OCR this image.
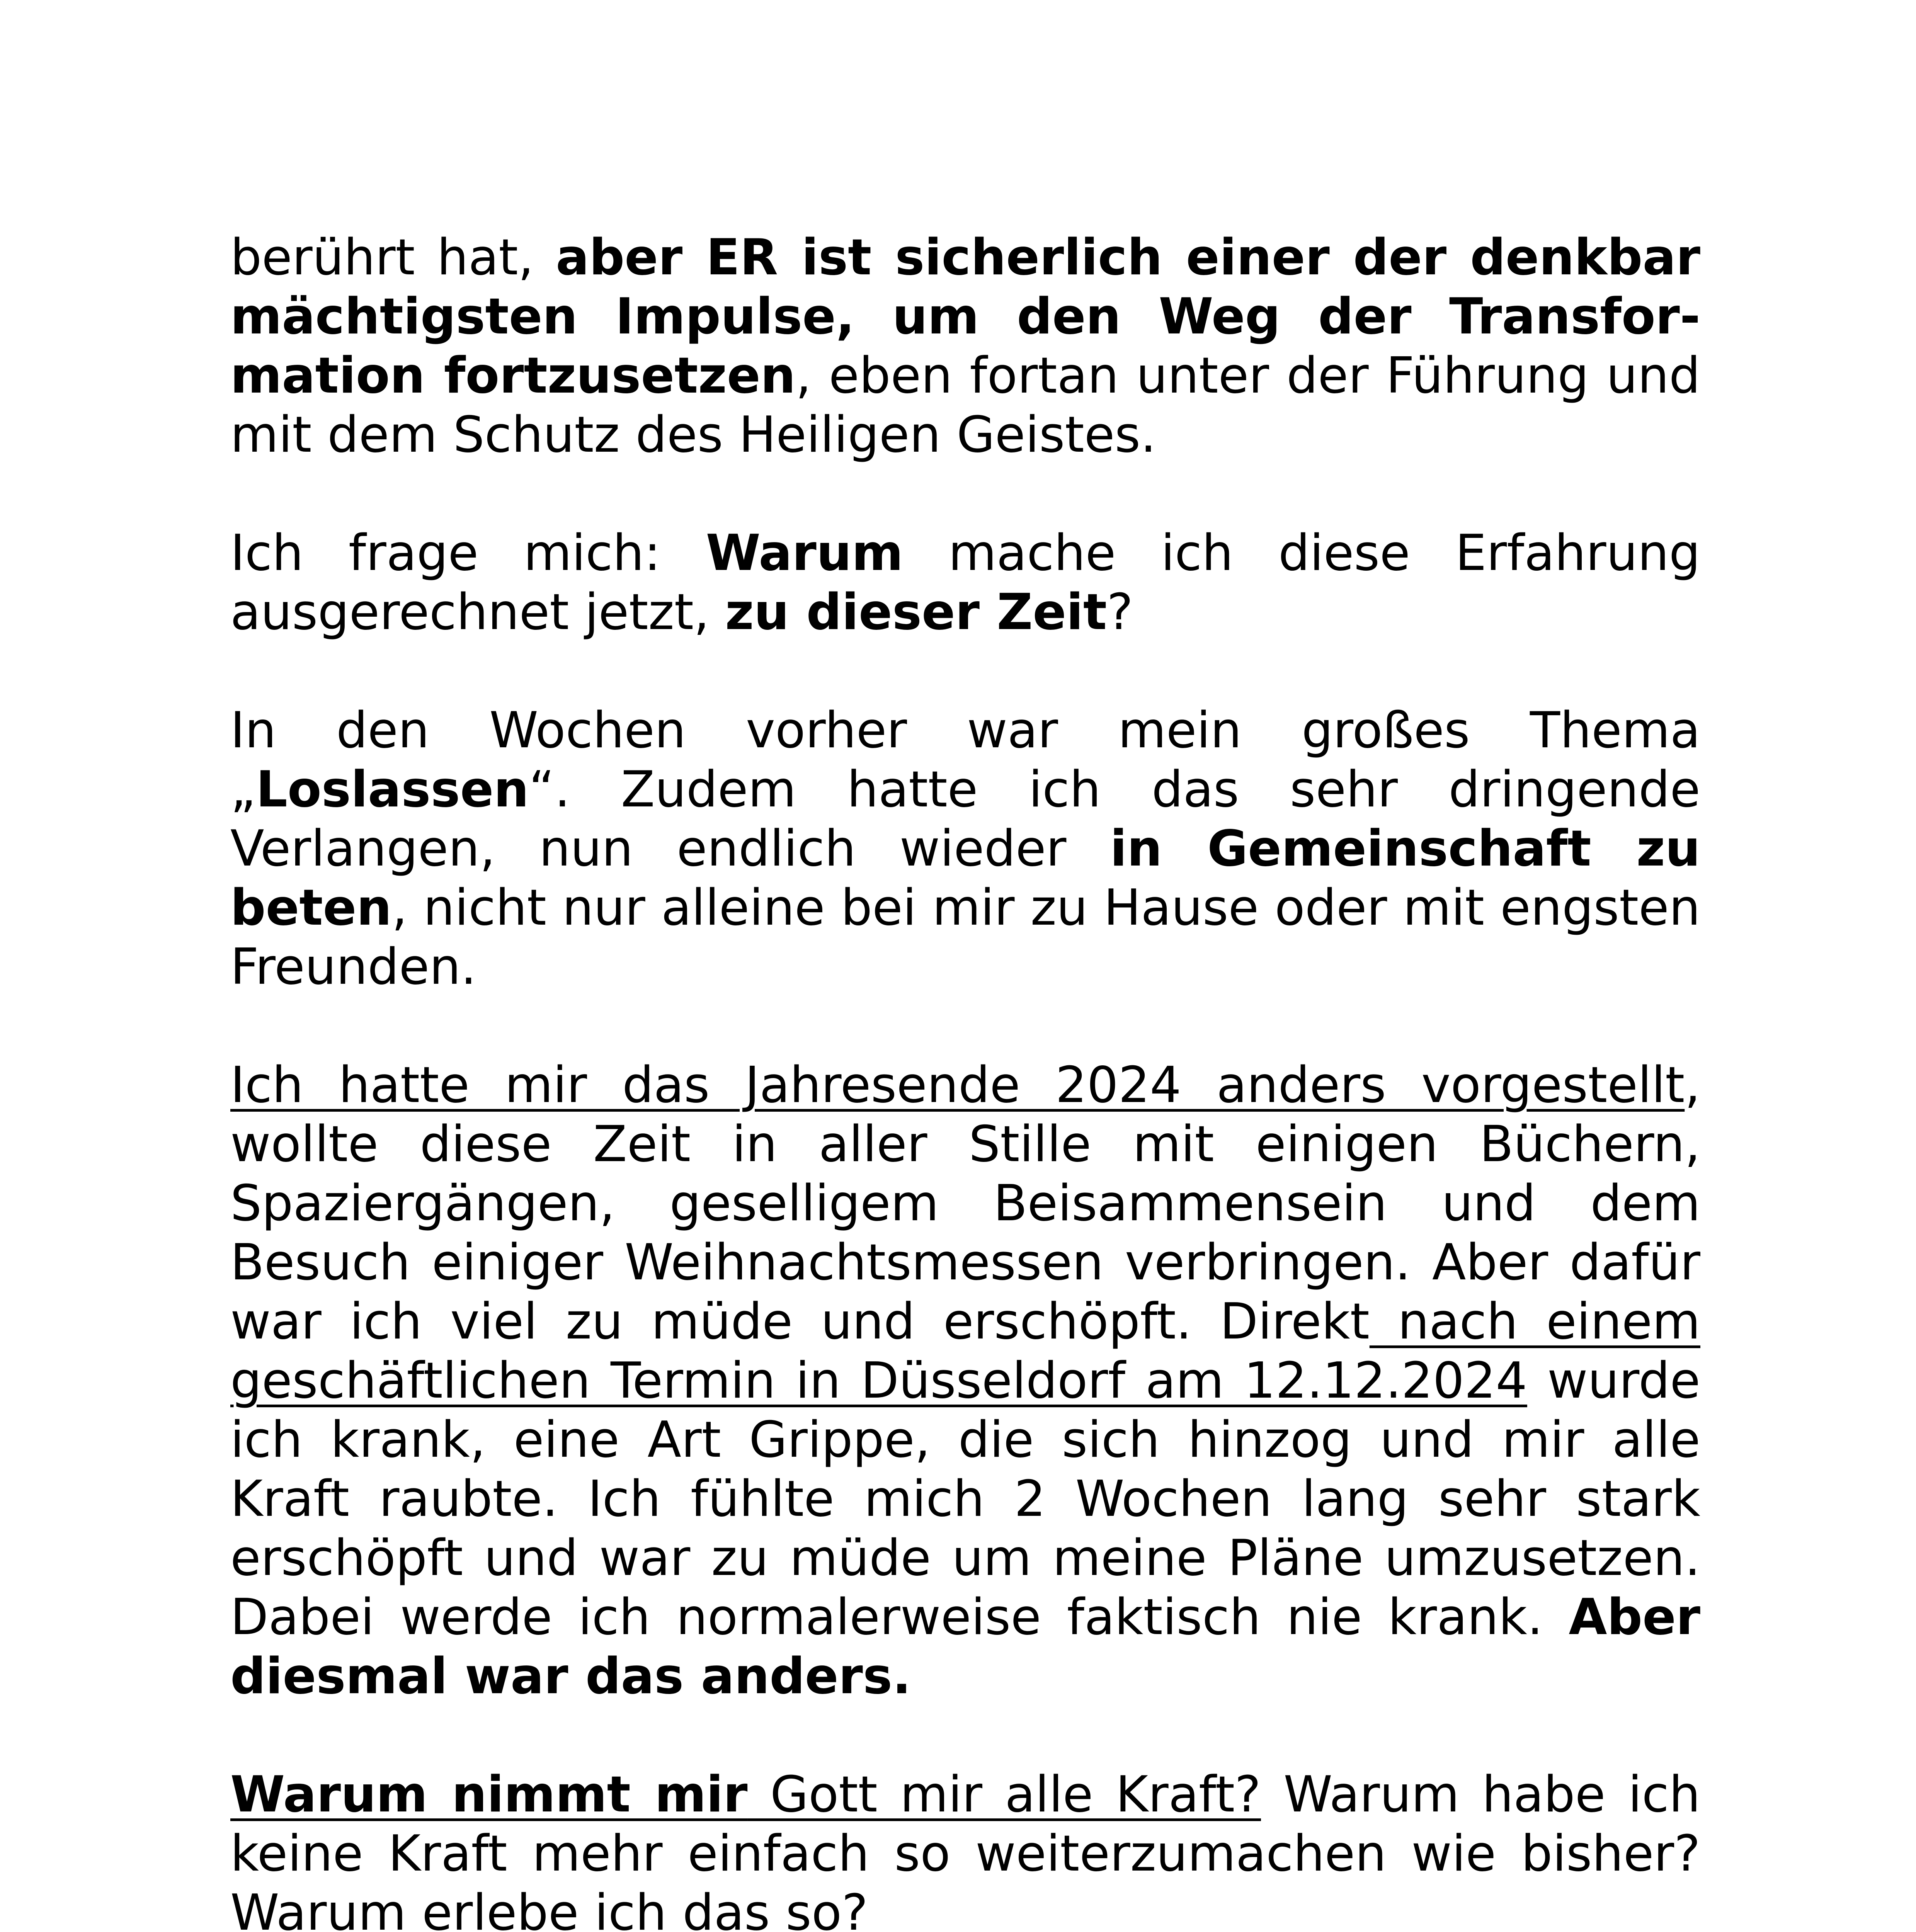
berührt hat, aber ER ist sicherlich einer der denkbar mächtigsten Impulse, um den Weg der Transformation fortzusetzen, eben fortan unter der Führung und mit dem Schutz des Heiligen Geistes.

Ich frage mich: Warum mache ich diese Erfahrung ausgerechnet jetzt, zu dieser Zeit?

In den Wochen vorher war mein großes Thema „Loslassen“. Zudem hatte ich das sehr dringende Verlangen, nun endlich wieder in Gemeinschaft zu beten, nicht nur alleine bei mir zu Hause oder mit engsten Freunden.

Ich hatte mir das Jahresende 2024 anders vorgestellt, wollte diese Zeit in aller Stille mit einigen Büchern, Spaziergängen, geselligem Beisammensein und dem Besuch einiger Weihnachtsmessen verbringen. Aber dafür war ich viel zu müde und erschöpft. Direkt nach einem geschäftlichen Termin in Düsseldorf am 12.12.2024 wurde ich krank, eine Art Grippe, die sich hinzog und mir alle Kraft raubte. Ich fühlte mich 2 Wochen lang sehr stark erschöpft und war zu müde um meine Pläne umzusetzen. Dabei werde ich normalerweise faktisch nie krank. Aber diesmal war das anders.

Warum nimmt mir Gott mir alle Kraft? Warum habe ich keine Kraft mehr einfach so weiterzumachen wie bisher? Warum erlebe ich das so?
